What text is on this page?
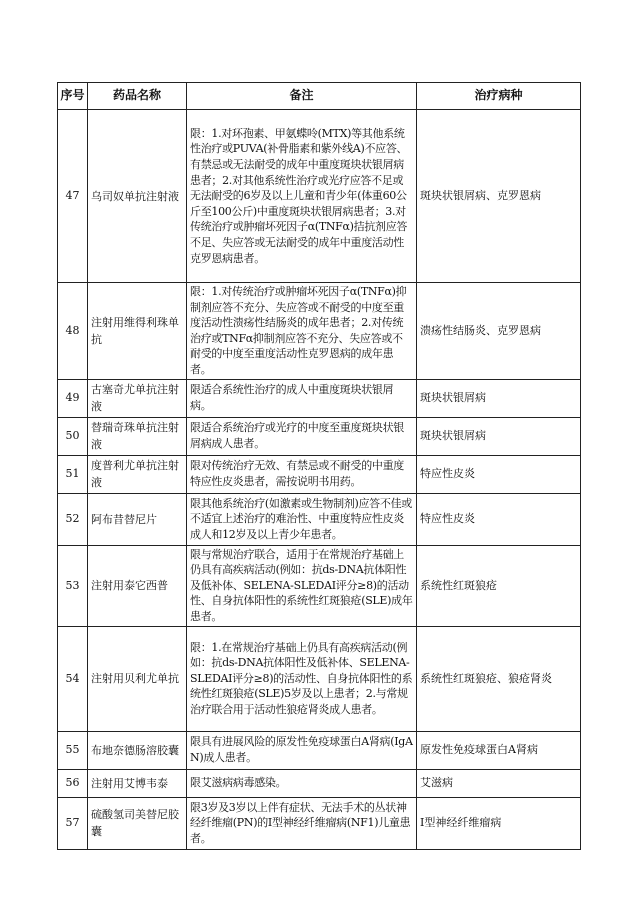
序号	药品名称	备注	治疗病种
47	乌司奴单抗注射液	限：1.对环孢素、甲氨蝶呤(MTX)等其他系统性治疗或PUVA(补骨脂素和紫外线A)不应答、有禁忌或无法耐受的成年中重度斑块状银屑病患者；2.对其他系统性治疗或光疗应答不足或无法耐受的6岁及以上儿童和青少年(体重60公斤至100公斤)中重度斑块状银屑病患者；3.对传统治疗或肿瘤坏死因子α(TNFα)拮抗剂应答不足、失应答或无法耐受的成年中重度活动性克罗恩病患者。	斑块状银屑病、克罗恩病
48	注射用维得利珠单抗	限：1.对传统治疗或肿瘤坏死因子α(TNFα)抑制剂应答不充分、失应答或不耐受的中度至重度活动性溃疡性结肠炎的成年患者；2.对传统治疗或TNFα抑制剂应答不充分、失应答或不耐受的中度至重度活动性克罗恩病的成年患者。	溃疡性结肠炎、克罗恩病
49	古塞奇尤单抗注射液	限适合系统性治疗的成人中重度斑块状银屑病。	斑块状银屑病
50	替瑞奇珠单抗注射液	限适合系统治疗或光疗的中度至重度斑块状银屑病成人患者。	斑块状银屑病
51	度普利尤单抗注射液	限对传统治疗无效、有禁忌或不耐受的中重度特应性皮炎患者，需按说明书用药。	特应性皮炎
52	阿布昔替尼片	限其他系统治疗(如激素或生物制剂)应答不佳或不适宜上述治疗的难治性、中重度特应性皮炎成人和12岁及以上青少年患者。	特应性皮炎
53	注射用泰它西普	限与常规治疗联合，适用于在常规治疗基础上仍具有高疾病活动(例如：抗ds-DNA抗体阳性及低补体、SELENA-SLEDAI评分≥8)的活动性、自身抗体阳性的系统性红斑狼疮(SLE)成年患者。	系统性红斑狼疮
54	注射用贝利尤单抗	限：1.在常规治疗基础上仍具有高疾病活动(例如：抗ds-DNA抗体阳性及低补体、SELENA-SLEDAI评分≥8)的活动性、自身抗体阳性的系统性红斑狼疮(SLE)5岁及以上患者；2.与常规治疗联合用于活动性狼疮肾炎成人患者。	系统性红斑狼疮、狼疮肾炎
55	布地奈德肠溶胶囊	限具有进展风险的原发性免疫球蛋白A肾病(IgAN)成人患者。	原发性免疫球蛋白A肾病
56	注射用艾博韦泰	限艾滋病病毒感染。	艾滋病
57	硫酸氢司美替尼胶囊	限3岁及3岁以上伴有症状、无法手术的丛状神经纤维瘤(PN)的I型神经纤维瘤病(NF1)儿童患者。	I型神经纤维瘤病
